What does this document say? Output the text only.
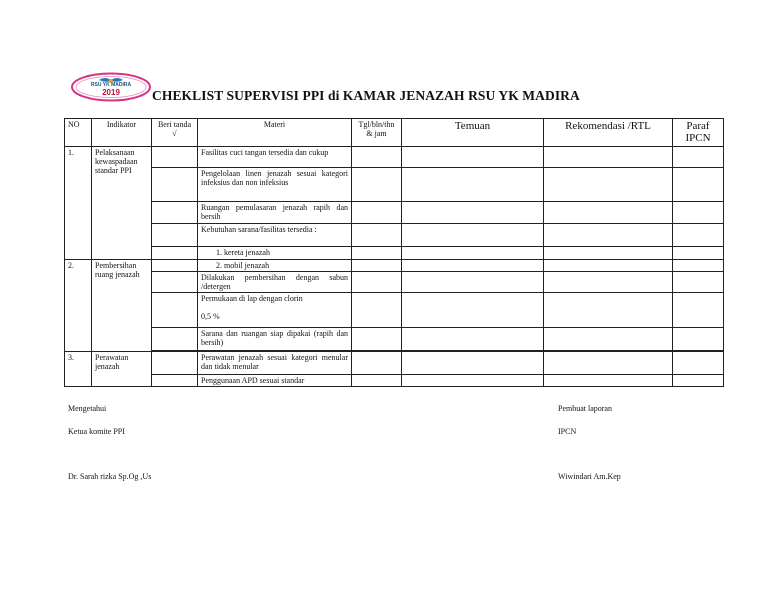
RSU YK MADIRA
2019	CHEKLIST SUPERVISI PPI di KAMAR JENAZAH RSU YK MADIRA
NO	Indikator	Beri tanda √	Materi	Tgl/bln/thn & jam	Temuan	Rekomendasi /RTL	Paraf IPCN
1.	Pelaksanaan kewaspadaan standar PPI		Fasilitas cuci tangan tersedia dan cukup				
			Pengelolaan linen jenazah sesuai kategori infeksius dan non infeksius				
			Ruangan pemulasaran jenazah rapih dan bersih				
			Kebutuhan sarana/fasilitas tersedia :				
			1. kereta jenazah				
2.	Pembersihan ruang jenazah		2. mobil jenazah				
			Dilakukan pembersihan dengan sabun /detergen				

			Permukaan di lap dengan clorin
0,5 %				

			Sarana dan ruangan siap dipakai (rapih dan bersih)				

3.	Perawatan jenazah		Perawatan jenazah sesuai kategori menular dan tidak menular				
			Penggunaan APD sesuai standar				
Mengetahui
Ketua komite PPI
Dr. Sarah rizka Sp.Og ,Us
Pembuat laporan
IPCN
Wiwindari Am.Kep
